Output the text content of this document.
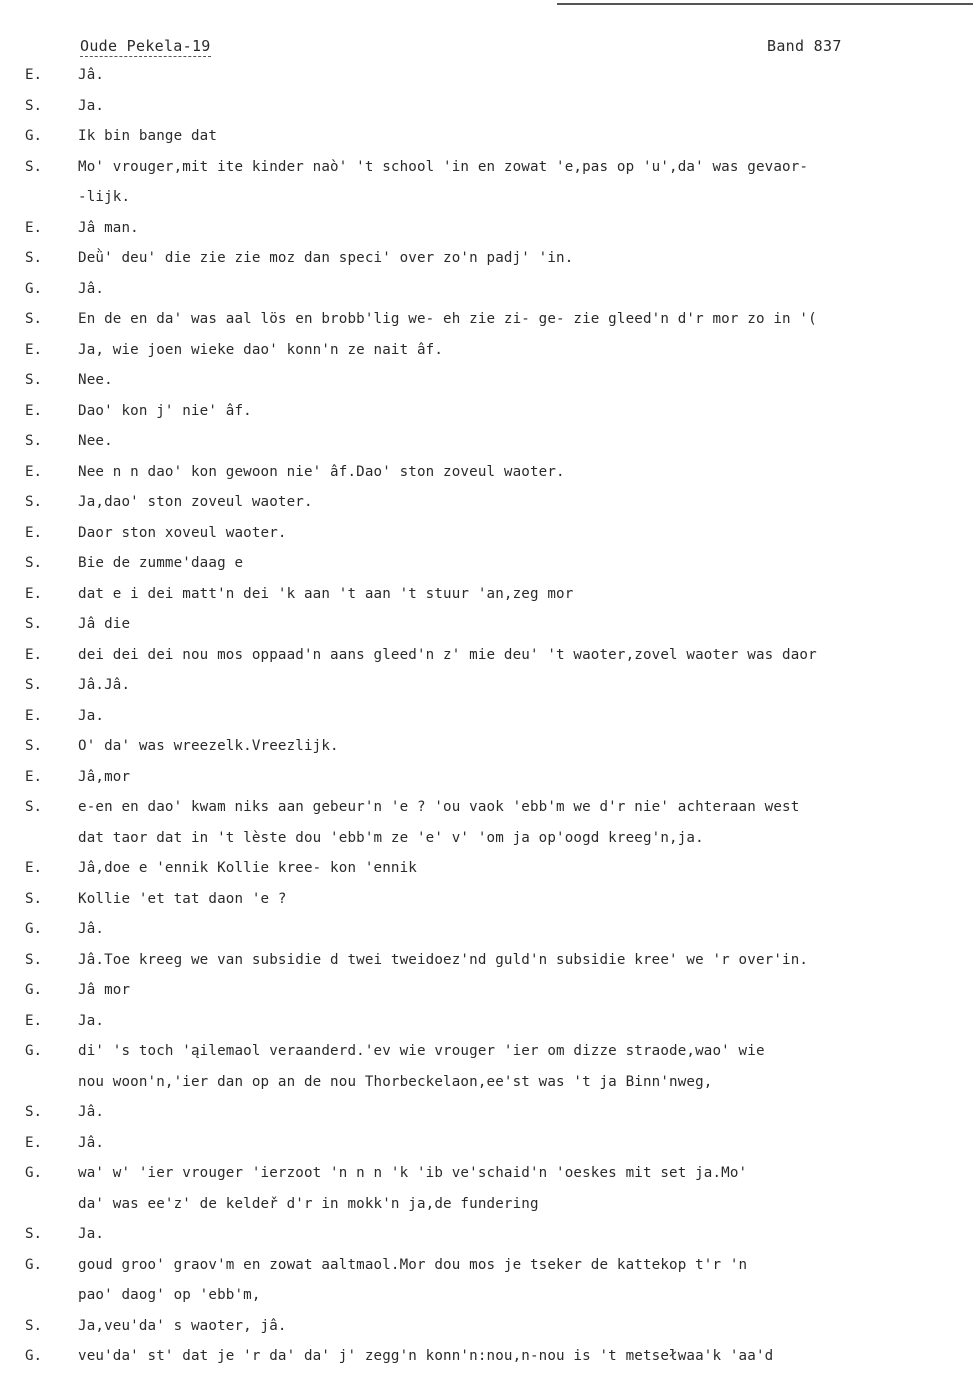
Oude Pekela-19	Band 837
E.	Jâ.
S.	Ja.
G.	Ik bin bange dat
S.	Mo' vrouger,mit ite kinder naò' 't school 'in en zowat 'e,pas op 'u',da' was gevaor-
-lijk.
E.	Jâ man.
S.	Deǜ' deu' die zie zie moz dan speci' over zo'n padj' 'in.
G.	Jâ.
S.	En de en da' was aal lös en brobb'lig we- eh zie zi- ge- zie gleed'n d'r mor zo in '(
E.	Ja, wie joen wieke dao' konn'n ze nait âf.
S.	Nee.
E.	Dao' kon j' nie' âf.
S.	Nee.
E.	Nee n n dao' kon gewoon nie' âf.Dao' ston zoveul waoter.
S.	Ja,dao' ston zoveul waoter.
E.	Daor ston xoveul waoter.
S.	Bie de zumme'daag e
E.	dat e i dei matt'n dei 'k aan 't aan 't stuur 'an,zeg mor
S.	Jâ die
E.	dei dei dei nou mos oppaad'n aans gleed'n z' mie deu' 't waoter,zovel waoter was daor
S.	Jâ.Jâ.
E.	Ja.
S.	O' da' was wreezelk.Vreezlijk.
E.	Jâ,mor
S.	e-en en dao' kwam niks aan gebeur'n 'e ? 'ou vaok 'ebb'm we d'r nie' achteraan west
dat taor dat in 't lèste dou 'ebb'm ze 'e' v' 'om ja op'oogd kreeg'n,ja.
E.	Jâ,doe e 'ennik Kollie kree- kon 'ennik
S.	Kollie 'et tat daon 'e ?
G.	Jâ.
S.	Jâ.Toe kreeg we van subsidie d twei tweidoez'nd guld'n subsidie kree' we 'r over'in.
G.	Jâ mor
E.	Ja.
G.	di' 's toch 'ąilemaol veraanderd.'ev wie vrouger 'ier om dizze straode,wao' wie
nou woon'n,'ier dan op an de nou Thorbeckelaon,ee'st was 't ja Binn'nweg,
S.	Jâ.
E.	Jâ.
G.	wa' w' 'ier vrouger 'ierzoot 'n n n 'k 'ib ve'schaid'n 'oeskes mit set ja.Mo'
da' was ee'z' de keldeř d'r in mokk'n ja,de fundering
S.	Ja.
G.	goud groo' graov'm en zowat aaltmaol.Mor dou mos je tseker de kattekop t'r 'n
pao' daog' op 'ebb'm,
S.	Ja,veu'da' s waoter, jâ.
G.	veu'da' st' dat je 'r da' da' j' zegg'n konn'n:nou,n-nou is 't metsełwaa'k 'aa'd
